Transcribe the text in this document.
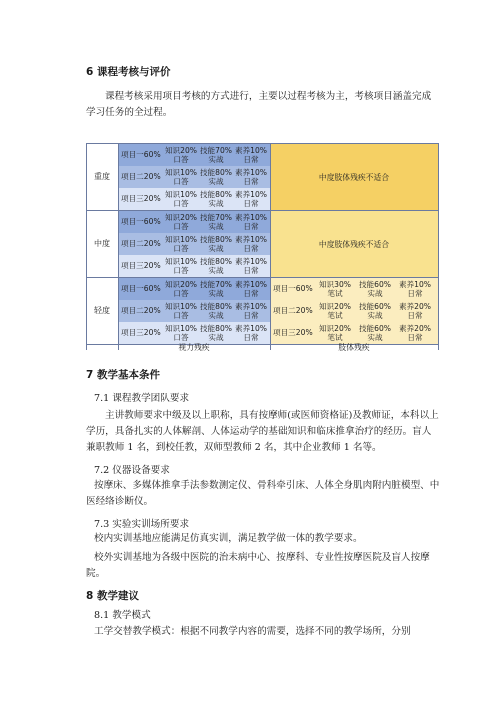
6 课程考核与评价
课程考核采用项目考核的方式进行，主要以过程考核为主，考核项目涵盖完成学习任务的全过程。
重度
项目一60% 知识20%
口答
技能70%
实战
素养10%
日常
项目二20% 知识10%
口答
技能80%
实战
素养10%
日常
项目三20% 知识10%
口答
技能80%
实战
素养10%
日常
中度肢体残疾不适合
中度
项目一60% 知识20%
口答
技能70%
实战
素养10%
日常
项目二20% 知识10%
口答
技能80%
实战
素养10%
日常
项目三20% 知识10%
口答
技能80%
实战
素养10%
日常
中度肢体残疾不适合
轻度
项目一60% 知识20%
口答
技能70%
实战
素养10%
日常
项目二20% 知识10%
口答
技能80%
实战
素养10%
日常
项目三20% 知识10%
口答
技能80%
实战
素养10%
日常
项目一60% 知识30%
笔试
技能60%
实战
素养10%
日常
项目二20% 知识20%
笔试
技能60%
实战
素养20%
日常
项目三20% 知识20%
笔试
技能60%
实战
素养20%
日常
视力残疾	肢体残疾
7 教学基本条件
7.1 课程教学团队要求
主讲教师要求中级及以上职称，具有按摩师(或医师资格证)及教师证，本科以上学历，具备扎实的人体解剖、人体运动学的基础知识和临床推拿治疗的经历。盲人兼职教师 1 名，到校任教，双师型教师 2 名，其中企业教师 1 名等。
7.2 仪器设备要求
按摩床、多媒体推拿手法参数测定仪、骨科牵引床、人体全身肌肉附内脏模型、中医经络诊断仪。
7.3 实验实训场所要求
校内实训基地应能满足仿真实训，满足教学做一体的教学要求。
校外实训基地为各级中医院的治未病中心、按摩科、专业性按摩医院及盲人按摩院。
8 教学建议
8.1 教学模式
工学交替教学模式：根据不同教学内容的需要，选择不同的教学场所，分别
